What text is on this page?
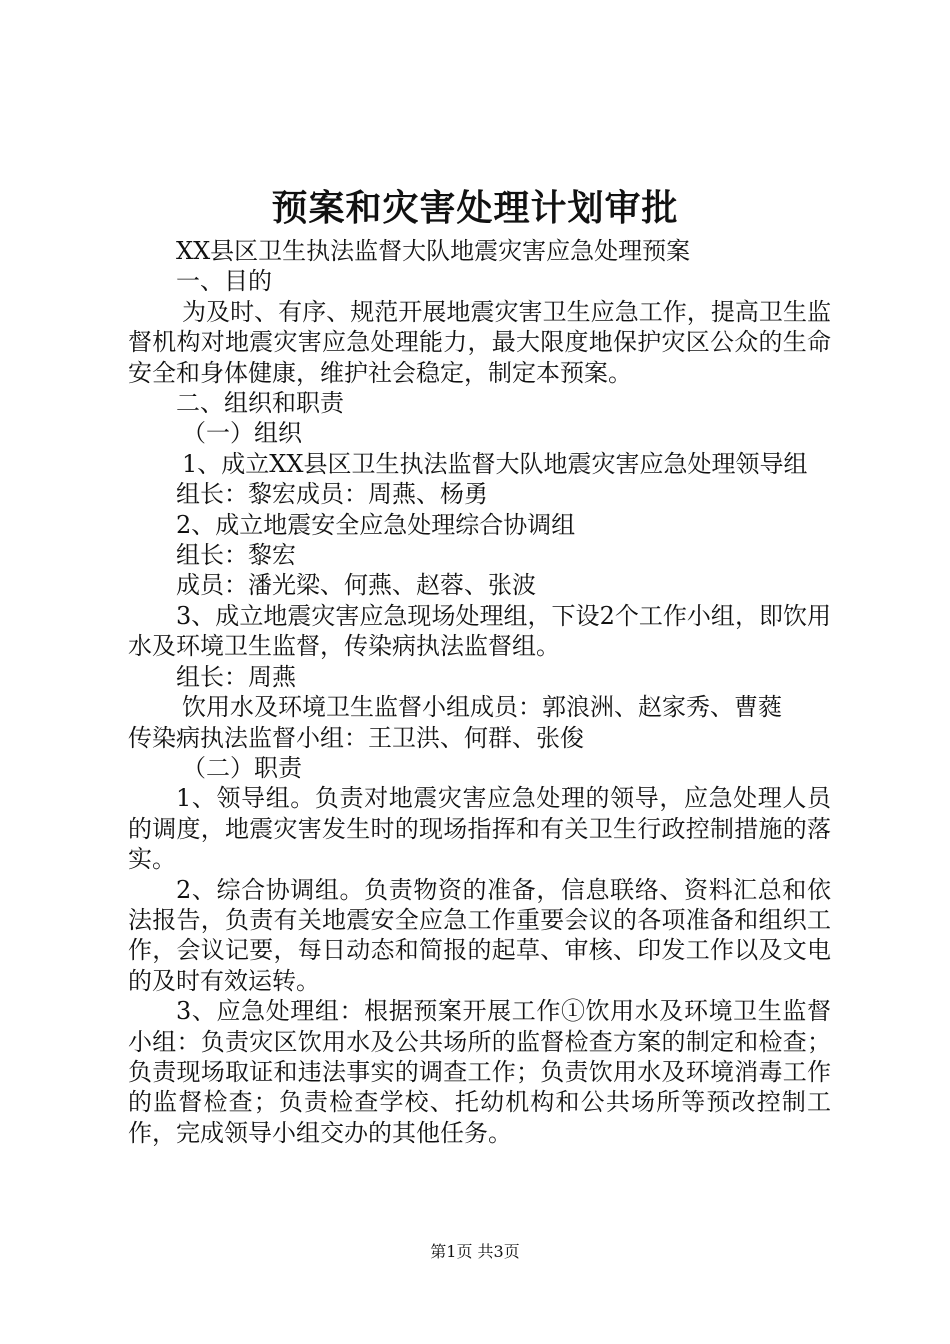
预案和灾害处理计划审批

XX县区卫生执法监督大队地震灾害应急处理预案

一、目的

为及时、有序、规范开展地震灾害卫生应急工作，提高卫生监督机构对地震灾害应急处理能力，最大限度地保护灾区公众的生命安全和身体健康，维护社会稳定，制定本预案。

二、组织和职责

（一）组织

1、成立XX县区卫生执法监督大队地震灾害应急处理领导组

组长：黎宏成员：周燕、杨勇

2、成立地震安全应急处理综合协调组

组长：黎宏

成员：潘光梁、何燕、赵蓉、张波

3、成立地震灾害应急现场处理组，下设2个工作小组，即饮用水及环境卫生监督，传染病执法监督组。

组长：周燕

饮用水及环境卫生监督小组成员：郭浪洲、赵家秀、曹蕤

传染病执法监督小组：王卫洪、何群、张俊

（二）职责

1、领导组。负责对地震灾害应急处理的领导，应急处理人员的调度，地震灾害发生时的现场指挥和有关卫生行政控制措施的落实。

2、综合协调组。负责物资的准备，信息联络、资料汇总和依法报告，负责有关地震安全应急工作重要会议的各项准备和组织工作，会议记要，每日动态和简报的起草、审核、印发工作以及文电的及时有效运转。

3、应急处理组：根据预案开展工作①饮用水及环境卫生监督小组：负责灾区饮用水及公共场所的监督检查方案的制定和检查；负责现场取证和违法事实的调查工作；负责饮用水及环境消毒工作的监督检查；负责检查学校、托幼机构和公共场所等预改控制工作，完成领导小组交办的其他任务。

第1页 共3页
